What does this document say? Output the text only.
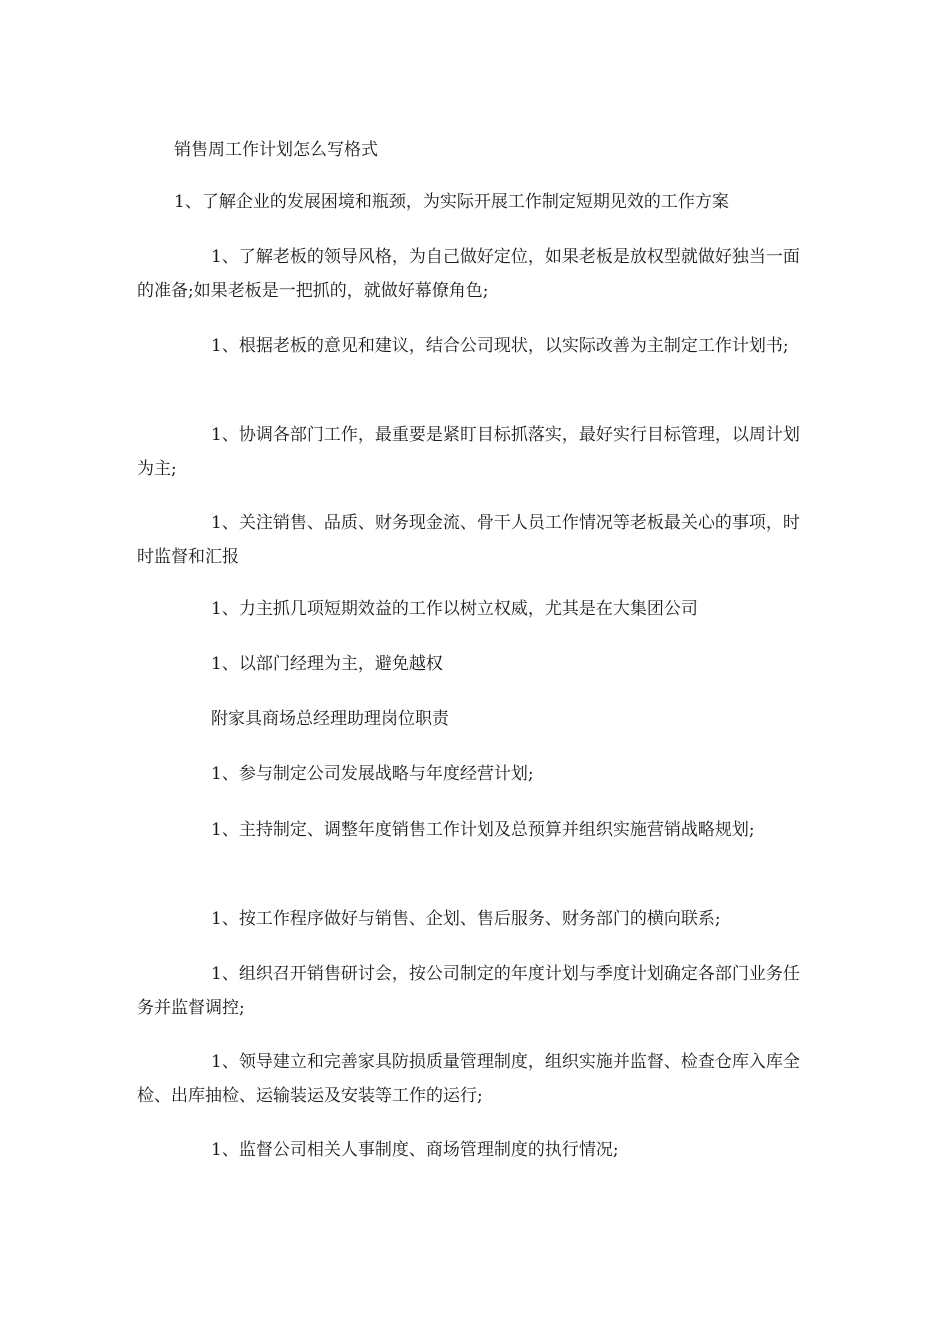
销售周工作计划怎么写格式

1、了解企业的发展困境和瓶颈，为实际开展工作制定短期见效的工作方案

1、了解老板的领导风格，为自己做好定位，如果老板是放权型就做好独当一面的准备;如果老板是一把抓的，就做好幕僚角色;

1、根据老板的意见和建议，结合公司现状，以实际改善为主制定工作计划书;

1、协调各部门工作，最重要是紧盯目标抓落实，最好实行目标管理，以周计划为主;

1、关注销售、品质、财务现金流、骨干人员工作情况等老板最关心的事项，时时监督和汇报

1、力主抓几项短期效益的工作以树立权威，尤其是在大集团公司

1、以部门经理为主，避免越权

附家具商场总经理助理岗位职责

1、参与制定公司发展战略与年度经营计划;

1、主持制定、调整年度销售工作计划及总预算并组织实施营销战略规划;

1、按工作程序做好与销售、企划、售后服务、财务部门的横向联系;

1、组织召开销售研讨会，按公司制定的年度计划与季度计划确定各部门业务任务并监督调控;

1、领导建立和完善家具防损质量管理制度，组织实施并监督、检查仓库入库全检、出库抽检、运输装运及安装等工作的运行;

1、监督公司相关人事制度、商场管理制度的执行情况;
